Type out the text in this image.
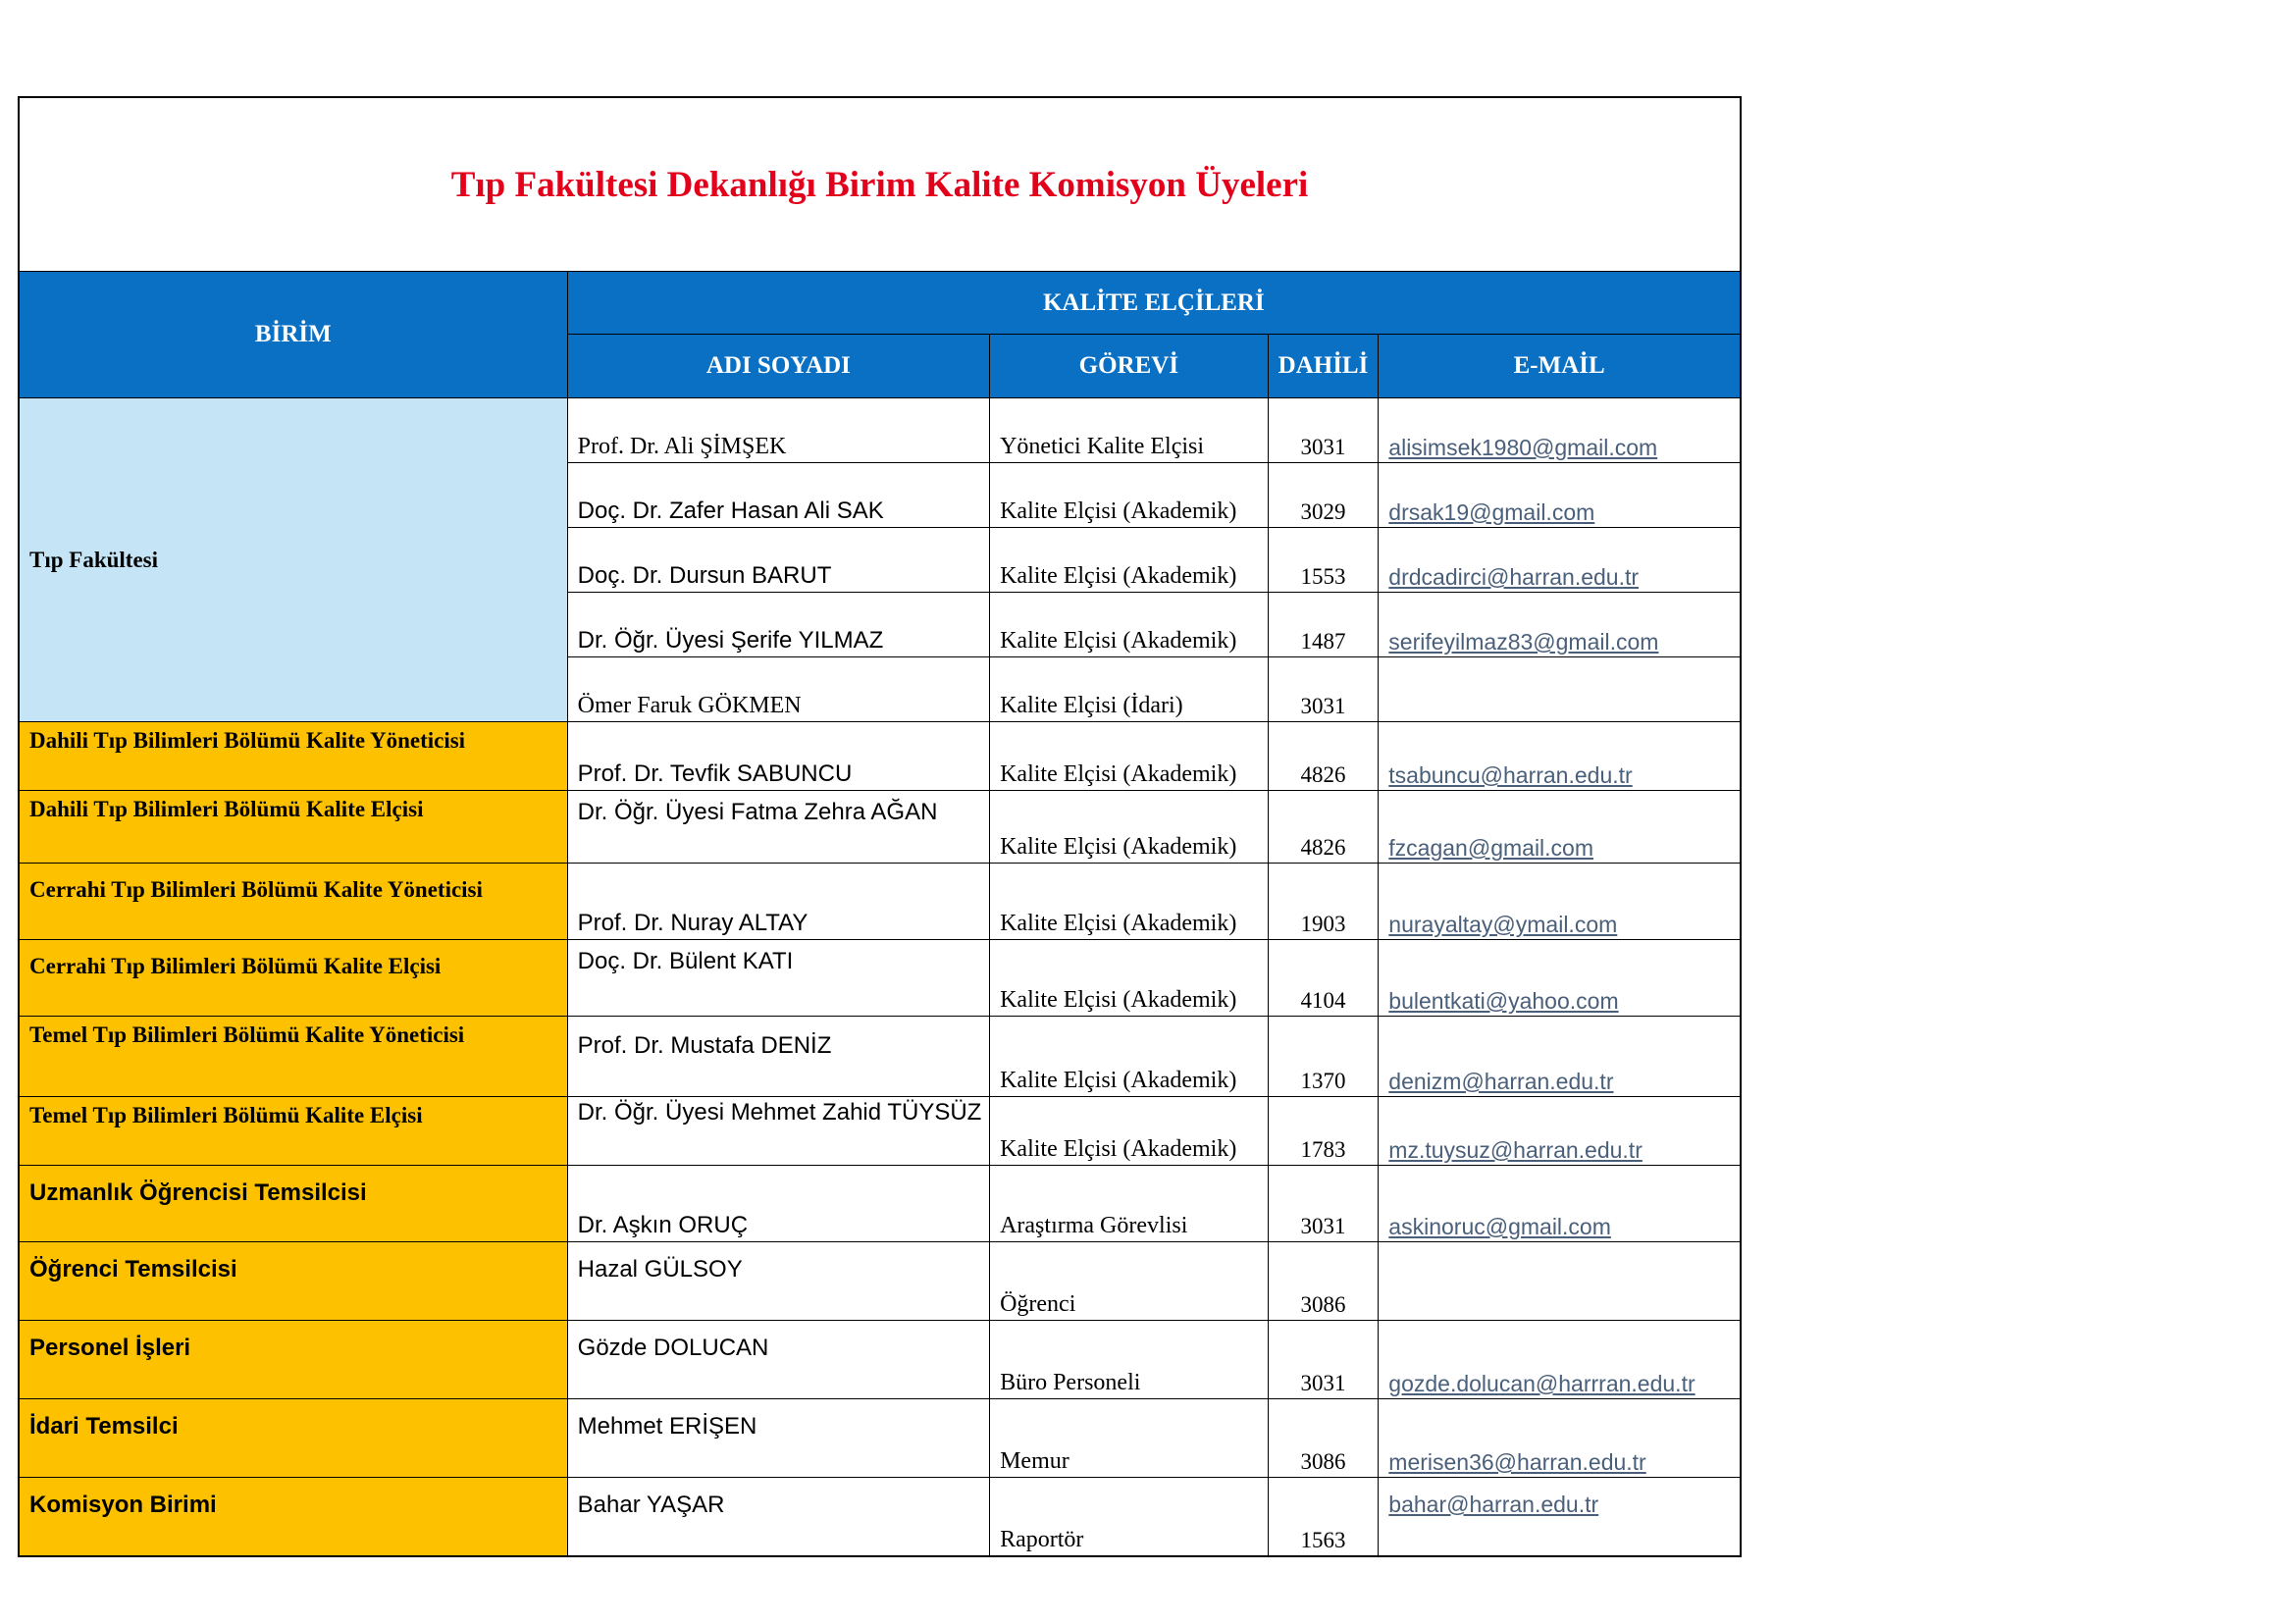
Tıp Fakültesi Dekanlığı Birim Kalite Komisyon Üyeleri				
BİRİM	KALİTE ELÇİLERİ			
	ADI SOYADI	GÖREVİ	DAHİLİ	E-MAİL
Tıp Fakültesi	Prof. Dr. Ali ŞİMŞEK	Yönetici Kalite Elçisi	3031	alisimsek1980@gmail.com
	Doç. Dr. Zafer Hasan Ali SAK	Kalite Elçisi (Akademik)	3029	drsak19@gmail.com
	Doç. Dr. Dursun BARUT	Kalite Elçisi (Akademik)	1553	drdcadirci@harran.edu.tr
	Dr. Öğr. Üyesi Şerife YILMAZ	Kalite Elçisi (Akademik)	1487	serifeyilmaz83@gmail.com
	Ömer Faruk GÖKMEN	Kalite Elçisi (İdari)	3031	
Dahili Tıp Bilimleri Bölümü Kalite Yöneticisi	Prof. Dr. Tevfik SABUNCU	Kalite Elçisi (Akademik)	4826	tsabuncu@harran.edu.tr
Dahili Tıp Bilimleri Bölümü Kalite Elçisi	Dr. Öğr. Üyesi Fatma Zehra AĞAN	Kalite Elçisi (Akademik)	4826	fzcagan@gmail.com
Cerrahi Tıp Bilimleri Bölümü Kalite Yöneticisi	Prof. Dr. Nuray ALTAY	Kalite Elçisi (Akademik)	1903	nurayaltay@ymail.com
Cerrahi Tıp Bilimleri Bölümü Kalite Elçisi	Doç. Dr. Bülent KATI	Kalite Elçisi (Akademik)	4104	bulentkati@yahoo.com
Temel Tıp Bilimleri Bölümü Kalite Yöneticisi	Prof. Dr. Mustafa DENİZ	Kalite Elçisi (Akademik)	1370	denizm@harran.edu.tr
Temel Tıp Bilimleri Bölümü Kalite Elçisi	Dr. Öğr. Üyesi Mehmet Zahid TÜYSÜZ	Kalite Elçisi (Akademik)	1783	mz.tuysuz@harran.edu.tr
Uzmanlık Öğrencisi Temsilcisi	Dr. Aşkın ORUÇ	Araştırma Görevlisi	3031	askinoruc@gmail.com
Öğrenci Temsilcisi	Hazal GÜLSOY	Öğrenci	3086	
Personel İşleri	Gözde DOLUCAN	Büro Personeli	3031	gozde.dolucan@harrran.edu.tr
İdari Temsilci	Mehmet ERİŞEN	Memur	3086	merisen36@harran.edu.tr
Komisyon Birimi	Bahar YAŞAR	Raportör	1563	bahar@harran.edu.tr
